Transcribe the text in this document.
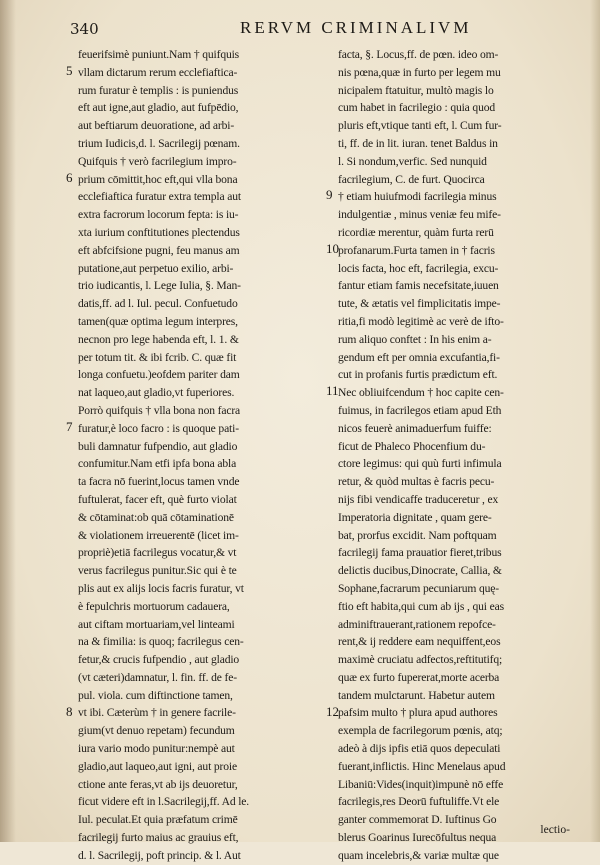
340	RERVM CRIMINALIVM
feuerifsimè puniunt.Nam † quifquis
vllam dictarum rerum ecclefiaftica-
rum furatur è templis : is puniendus
eft aut igne,aut gladio, aut fufpēdio,
aut beftiarum deuoratione, ad arbi-
trium Iudicis,d. l. Sacrilegij pœnam.
Quifquis † verò facrilegium impro-
prium cōmittit,hoc eft,qui vlla bona
ecclefiaftica furatur extra templa aut
extra facrorum locorum fepta: is iu-
xta iurium conftitutiones plectendus
eft abfcifsione pugni, feu manus am
putatione,aut perpetuo exilio, arbi-
trio iudicantis, l. Lege Iulia, §. Man-
datis,ff. ad l. Iul. pecul. Confuetudo
tamen(quæ optima legum interpres,
necnon pro lege habenda eft, l. 1. &
per totum tit. & ibi fcrib. C. quæ fit
longa confuetu.)eofdem pariter dam
nat laqueo,aut gladio,vt fuperiores.
Porrò quifquis † vlla bona non facra
furatur,è loco facro : is quoque pati-
buli damnatur fufpendio, aut gladio
confumitur.Nam etfi ipfa bona abla
ta facra nō fuerint,locus tamen vnde
fuftulerat, facer eft, què furto violat
& cōtaminat:ob quā cōtaminationē
& violationem irreuerentē (licet im-
propriè)etiā facrilegus vocatur,& vt
verus facrilegus punitur.Sic qui è te
plis aut ex alijs locis facris furatur, vt
è fepulchris mortuorum cadauera,
aut ciftam mortuariam,vel linteami
na & fimilia: is quoq; facrilegus cen-
fetur,& crucis fufpendio , aut gladio
(vt cæteri)damnatur, l. fin. ff. de fe-
pul. viola. cum diftinctione tamen,
vt ibi. Cæterùm † in genere facrile-
gium(vt denuo repetam) fecundum
iura vario modo punitur:nempè aut
gladio,aut laqueo,aut igni, aut proie
ctione ante feras,vt ab ijs deuoretur,
ficut videre eft in l.Sacrilegij,ff. Ad le.
Iul. peculat.Et quia præfatum crimē
facrilegij furto maius ac grauius eft,
d. l. Sacrilegij, poft princip. & l. Aut
facta, §. Locus,ff. de pœn. ideo om-
nis pœna,quæ in furto per legem mu
nicipalem ftatuitur, multò magis lo
cum habet in facrilegio : quia quod
pluris eft,vtique tanti eft, l. Cum fur-
ti, ff. de in lit. iuran. tenet Baldus in
l. Si nondum,verfic. Sed nunquid
facrilegium, C. de furt. Quocirca
† etiam huiufmodi facrilegia minus
indulgentiæ , minus veniæ feu mife-
ricordiæ merentur, quàm furta rerū
profanarum.Furta tamen in † facris
locis facta, hoc eft, facrilegia, excu-
fantur etiam famis necefsitate,iuuen
tute, & ætatis vel fimplicitatis impe-
ritia,fi modò legitimè ac verè de ifto-
rum aliquo conftet : In his enim a-
gendum eft per omnia excufantia,fi-
cut in profanis furtis prædictum eft.
Nec obliuifcendum † hoc capite cen-
fuimus, in facrilegos etiam apud Eth
nicos feuerè animaduerfum fuiffe:
ficut de Phaleco Phocenfium du-
ctore legimus: qui quù furti infimula
retur, & quòd multas è facris pecu-
nijs fibi vendicaffe traduceretur , ex
Imperatoria dignitate , quam gere-
bat, prorfus excidit. Nam poftquam
facrilegij fama prauatior fieret,tribus
delictis ducibus,Dinocrate, Callia, &
Sophane,facrarum pecuniarum quę-
ftio eft habita,qui cum ab ijs , qui eas
adminiftrauerant,rationem repofce-
rent,& ij reddere eam nequiffent,eos
maximè cruciatu adfectos,reftitutifq;
quæ ex furto fupererat,morte acerba
tandem mulctarunt. Habetur autem
pafsim multo † plura apud authores
exempla de facrilegorum pœnis, atq;
adeò à dijs ipfis etiā quos depeculati
fuerant,inflictis. Hinc Menelaus apud
Libaniū:Vides(inquit)impunè nō effe
facrilegis,res Deorū fuftuliffe.Vt ele
ganter commemorat D. Iuftinus Go
blerus Goarinus Iurecōfultus nequa
quam incelebris,& variæ multæ que
5
6
7
8
9
10
11
12
lectio-
